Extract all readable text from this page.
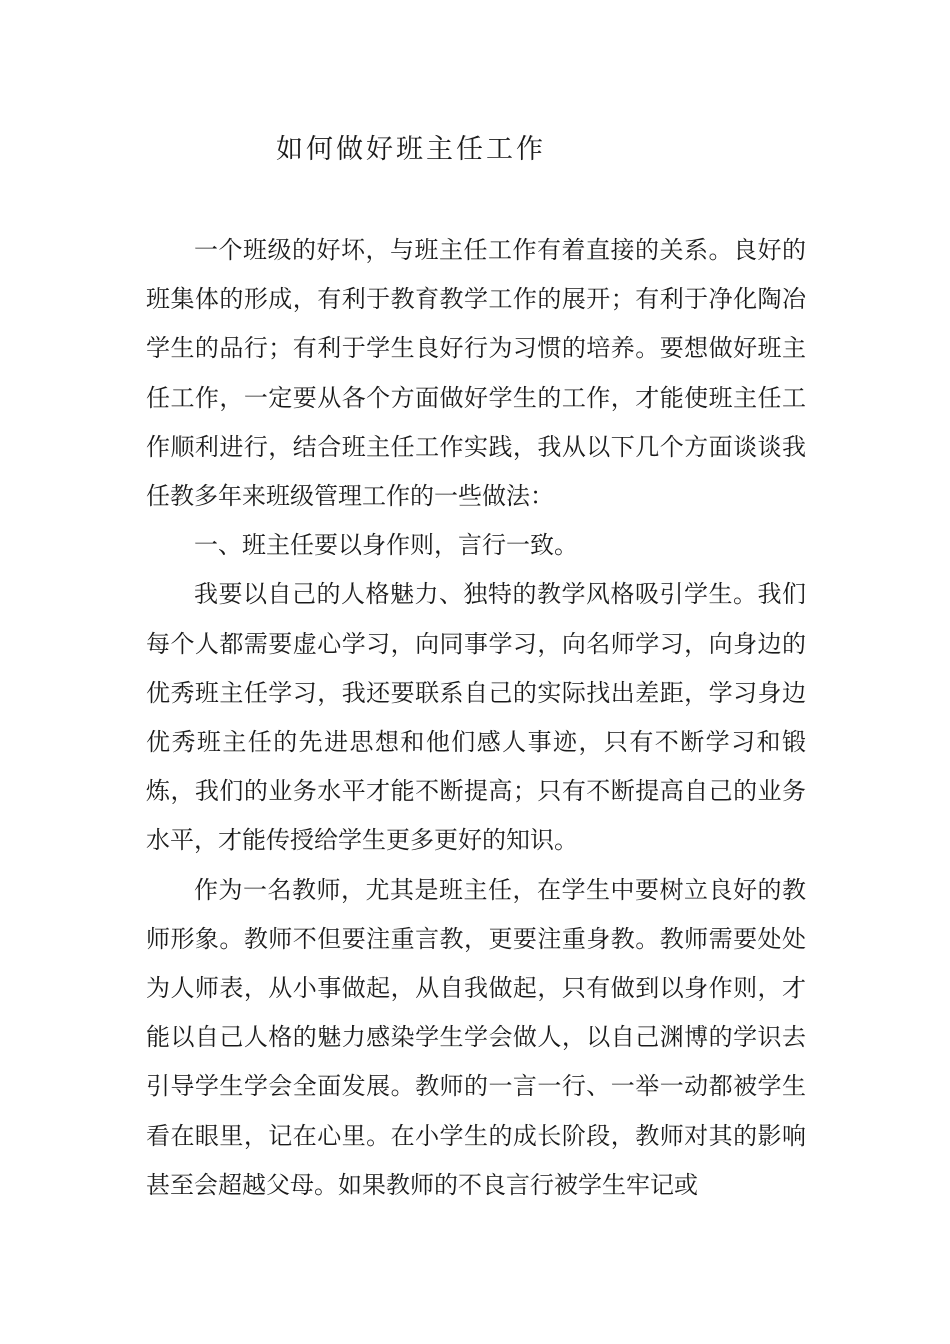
如何做好班主任工作

一个班级的好坏，与班主任工作有着直接的关系。良好的班集体的形成，有利于教育教学工作的展开；有利于净化陶冶学生的品行；有利于学生良好行为习惯的培养。要想做好班主任工作，一定要从各个方面做好学生的工作，才能使班主任工作顺利进行，结合班主任工作实践，我从以下几个方面谈谈我任教多年来班级管理工作的一些做法：

一、班主任要以身作则，言行一致。

我要以自己的人格魅力、独特的教学风格吸引学生。我们每个人都需要虚心学习，向同事学习，向名师学习，向身边的优秀班主任学习，我还要联系自己的实际找出差距，学习身边优秀班主任的先进思想和他们感人事迹，只有不断学习和锻炼，我们的业务水平才能不断提高；只有不断提高自己的业务水平，才能传授给学生更多更好的知识。

作为一名教师，尤其是班主任，在学生中要树立良好的教师形象。教师不但要注重言教，更要注重身教。教师需要处处为人师表，从小事做起，从自我做起，只有做到以身作则，才能以自己人格的魅力感染学生学会做人，以自己渊博的学识去引导学生学会全面发展。教师的一言一行、一举一动都被学生看在眼里，记在心里。在小学生的成长阶段，教师对其的影响甚至会超越父母。如果教师的不良言行被学生牢记或
